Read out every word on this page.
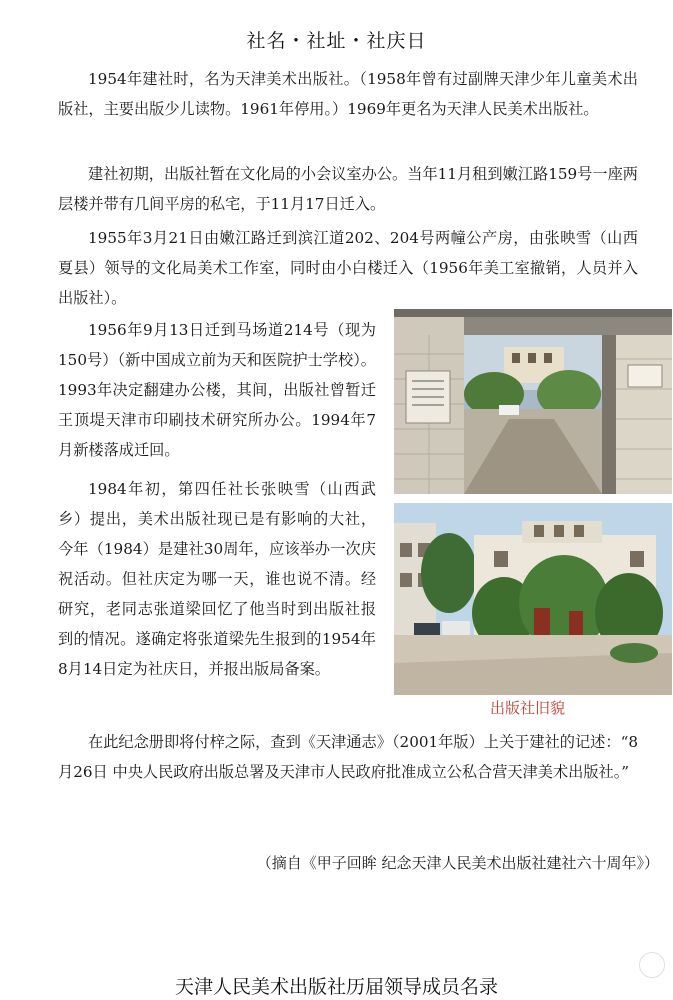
社名・社址・社庆日

1954年建社时，名为天津美术出版社。（1958年曾有过副牌天津少年儿童美术出版社，主要出版少儿读物。1961年停用。）1969年更名为天津人民美术出版社。

建社初期，出版社暂在文化局的小会议室办公。当年11月租到嫩江路159号一座两层楼并带有几间平房的私宅，于11月17日迁入。

1955年3月21日由嫩江路迁到滨江道202、204号两幢公产房，由张映雪（山西夏县）领导的文化局美术工作室，同时由小白楼迁入（1956年美工室撤销，人员并入出版社）。

1956年9月13日迁到马场道214号（现为150号）（新中国成立前为天和医院护士学校）。1993年决定翻建办公楼，其间，出版社曾暂迁王顶堤天津市印刷技术研究所办公。1994年7月新楼落成迁回。

1984年初，第四任社长张映雪（山西武乡）提出，美术出版社现已是有影响的大社，今年（1984）是建社30周年，应该举办一次庆祝活动。但社庆定为哪一天，谁也说不清。经研究，老同志张道梁回忆了他当时到出版社报到的情况。遂确定将张道梁先生报到的1954年8月14日定为社庆日，并报出版局备案。

在此纪念册即将付梓之际，查到《天津通志》（2001年版）上关于建社的记述：“8月26日 中央人民政府出版总署及天津市人民政府批准成立公私合营天津美术出版社。”

出版社旧貌
（摘自《甲子回眸 纪念天津人民美术出版社建社六十周年》）
天津人民美术出版社历届领导成员名录
